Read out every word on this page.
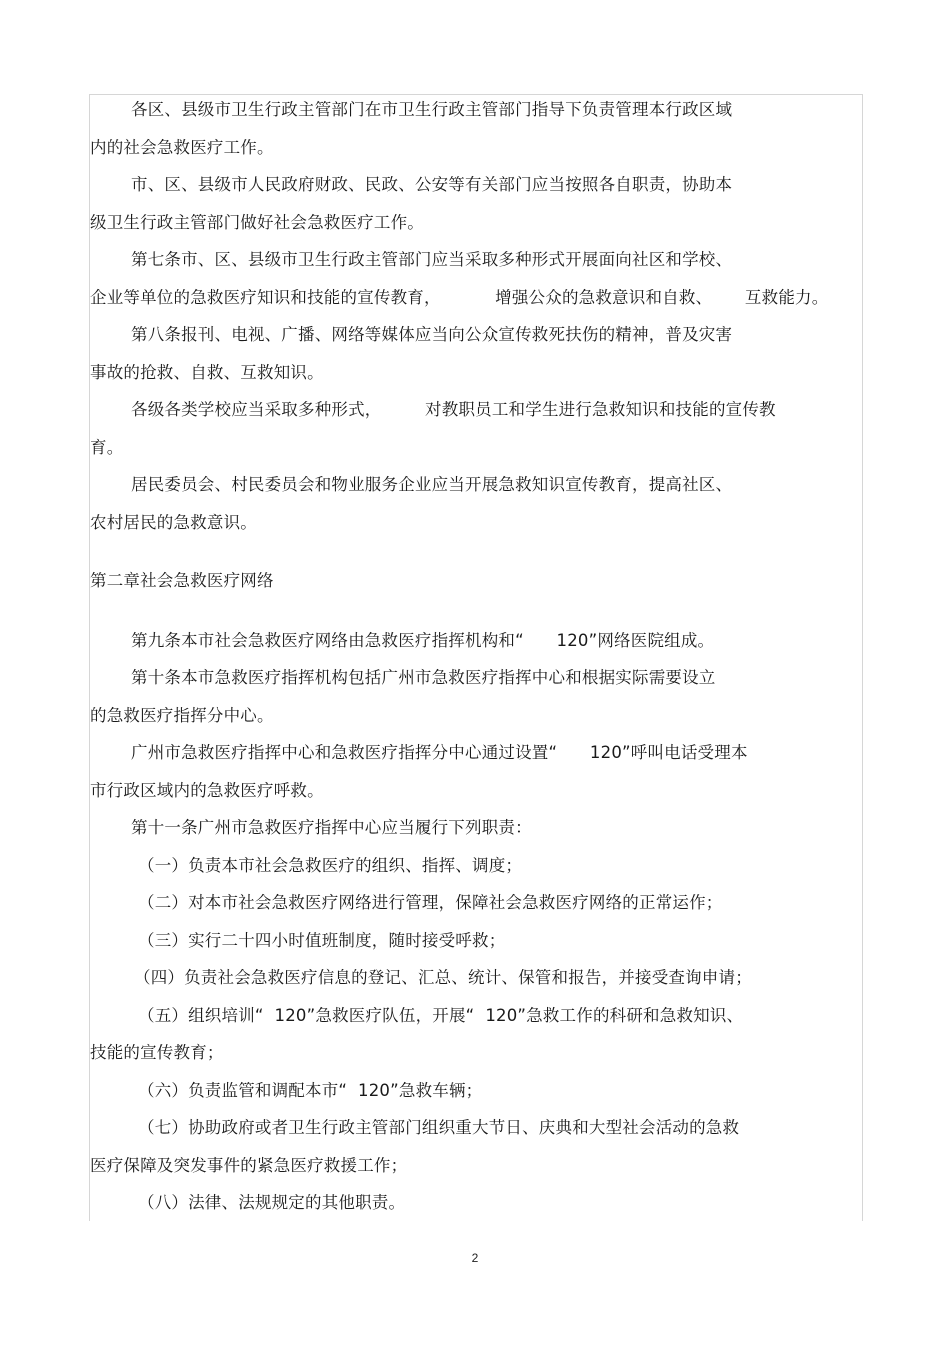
各区、县级市卫生行政主管部门在市卫生行政主管部门指导下负责管理本行政区域
内的社会急救医疗工作。
市、区、县级市人民政府财政、民政、公安等有关部门应当按照各自职责，协助本
级卫生行政主管部门做好社会急救医疗工作。
第七条市、区、县级市卫生行政主管部门应当采取多种形式开展面向社区和学校、
企业等单位的急救医疗知识和技能的宣传教育，          增强公众的急救意识和自救、      互救能力。
第八条报刊、电视、广播、网络等媒体应当向公众宣传救死扶伤的精神，普及灾害
事故的抢救、自救、互救知识。
各级各类学校应当采取多种形式，        对教职员工和学生进行急救知识和技能的宣传教
育。
居民委员会、村民委员会和物业服务企业应当开展急救知识宣传教育，提高社区、
农村居民的急救意识。
第二章社会急救医疗网络
第九条本市社会急救医疗网络由急救医疗指挥机构和“      120”网络医院组成。
第十条本市急救医疗指挥机构包括广州市急救医疗指挥中心和根据实际需要设立
的急救医疗指挥分中心。
广州市急救医疗指挥中心和急救医疗指挥分中心通过设置“      120”呼叫电话受理本
市行政区域内的急救医疗呼救。
第十一条广州市急救医疗指挥中心应当履行下列职责：
（一）负责本市社会急救医疗的组织、指挥、调度；
（二）对本市社会急救医疗网络进行管理，保障社会急救医疗网络的正常运作；
（三）实行二十四小时值班制度，随时接受呼救；
（四）负责社会急救医疗信息的登记、汇总、统计、保管和报告，并接受查询申请；
（五）组织培训“  120”急救医疗队伍，开展“  120”急救工作的科研和急救知识、
技能的宣传教育；
（六）负责监管和调配本市“  120”急救车辆；
（七）协助政府或者卫生行政主管部门组织重大节日、庆典和大型社会活动的急救
医疗保障及突发事件的紧急医疗救援工作；
（八）法律、法规规定的其他职责。
2
